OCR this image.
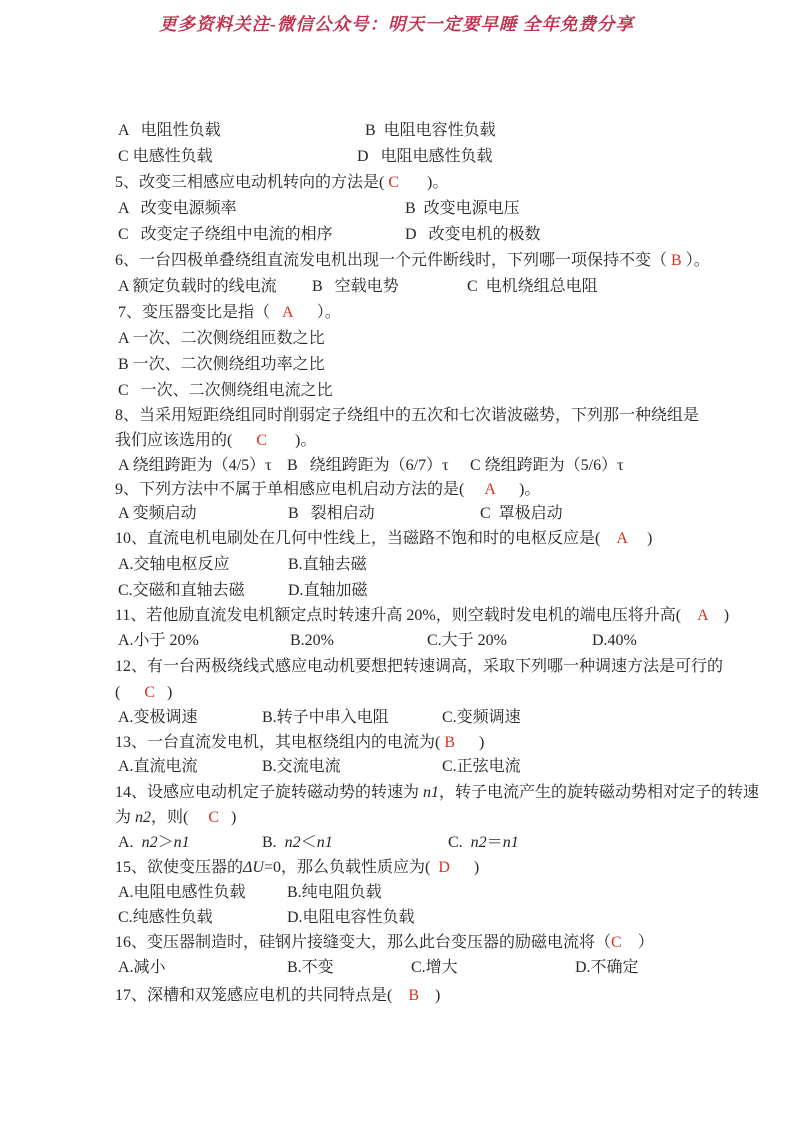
更多资料关注-微信公众号：明天一定要早睡 全年免费分享
A   电阻性负载	B  电阻电容性负载
C 电感性负载	D   电阻电感性负载
5、改变三相感应电动机转向的方法是( C       )。
A   改变电源频率	B  改变电源电压
C   改变定子绕组中电流的相序	D   改变电机的极数
6、一台四极单叠绕组直流发电机出现一个元件断线时，下列哪一项保持不变（ B ）。
A 额定负载时的线电流 B   空载电势	C  电机绕组总电阻
7、变压器变比是指（   A      ）。
A 一次、二次侧绕组匝数之比
B 一次、二次侧绕组功率之比
C   一次、二次侧绕组电流之比
8、当采用短距绕组同时削弱定子绕组中的五次和七次谐波磁势，下列那一种绕组是
我们应该选用的(      C       )。
A 绕组跨距为（4/5）τ B   绕组跨距为（6/7）τ C 绕组跨距为（5/6）τ
9、下列方法中不属于单相感应电机启动方法的是(     A      )。
A 变频启动	B   裂相启动	C  罩极启动
10、直流电机电刷处在几何中性线上，当磁路不饱和时的电枢反应是(    A     )
A.交轴电枢反应	B.直轴去磁
C.交磁和直轴去磁	D.直轴加磁
11、若他励直流发电机额定点时转速升高 20%，则空载时发电机的端电压将升高(    A    )
A.小于 20%	B.20%	C.大于 20%	D.40%
12、有一台两极绕线式感应电动机要想把转速调高，采取下列哪一种调速方法是可行的
(      C   )
A.变极调速	B.转子中串入电阻	C.变频调速
13、一台直流发电机，其电枢绕组内的电流为( B      )
A.直流电流	B.交流电流	C.正弦电流
14、设感应电动机定子旋转磁动势的转速为 n1，转子电流产生的旋转磁动势相对定子的转速
为 n2，则(     C   )
A.  n2＞n1	B.  n2＜n1	C.  n2＝n1
15、欲使变压器的ΔU=0，那么负载性质应为(  D      )
A.电阻电感性负载	B.纯电阻负载
C.纯感性负载	D.电阻电容性负载
16、变压器制造时，硅钢片接缝变大，那么此台变压器的励磁电流将（C    ）
A.减小	B.不变	C.增大	D.不确定
17、深槽和双笼感应电机的共同特点是(    B    )
